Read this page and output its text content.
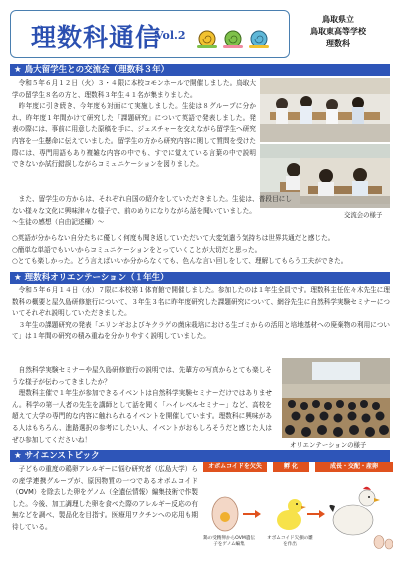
理数科通信
Vol.2
鳥取県立
鳥取東高等学校
理数科
★ 鳥大留学生との交流会（理数科３年）

　令和５年６月１２日（火）３・４限に本校コモンホールで開催しました。鳥取大学の留学生８名の方と、理数科３年生４１名が集まりました。

　昨年度に引き続き、今年度も対面にて実施しました。生徒は８グループに分かれ、昨年度１年間かけて研究した「課題研究」について英語で発表しました。発表の際には、事前に用意した原稿を手に、ジェスチャーを交えながら留学生へ研究内容を一生懸命に伝えていました。留学生の方から研究内容に関して質問を受けた際には、専門用語もあり複雑な内容の中でも、すでに覚えている言葉の中で説明できないか試行錯誤しながらコミュニケーションを図りました。

交流会の様子

　また、留学生の方からは、それぞれ自国の紹介をしていただきました。生徒は、普段目にしない様々な文化に興味津々な様子で、前のめりになりながら話を聞いていました。

～生徒の感想（自由記述欄）～

○英語が分からない自分たちに優しく何度も聞き返していただいて大変気遣う気持ちは世界共通だと感じた。

○簡単な単語でもいいからコミュニケーションをとっていくことが大切だと思った。

○とても楽しかった。どう言えばいいか分からなくても、色んな言い回しをして、理解してもらう工夫ができた。

★ 理数科オリエンテーション（１年生）

　令和５年６月１４日（水）７限に本校第１体育館で開催しました。参加したのは１年生全員です。理数科主任佐々木先生に理数科の概要と屋久島研修旅行について、３年生３名に昨年度研究した課題研究について、網谷先生に自然科学実験セミナーについてそれぞれ説明していただきました。

　３年生の課題研究の発表「エリンギおよびキクラゲの菌床栽培における生ゴミからの活用と培地基材への廃棄物の利用について」は１年間の研究の積み重ねを分かりやすく説明していました。

　自然科学実験セミナーや屋久島研修旅行の説明では、先輩方の写真からとても楽しそうな様子が伝わってきましたか？

　理数科主催で１年生が参加できるイベントは自然科学実験セミナーだけではありません。科学の第一人者の先生を講師として話を聞く「ハイレベルセミナー」など、高校を超えて大学の専門的な内容に触れられるイベントを開催しています。理数科に興味がある人はもちろん、進路選択の参考にしたい人、イベントがおもしろそうだと感じた人はぜひ参加してくださいね！

オリエンテーションの様子
★ サイエンストピック

　子どもの重度の鶏卵アレルギーに悩む研究者（広島大学）らの産学連携グループが、原因物質の一つであるオボムコイド（OVM）を除去した卵をゲノム（全遺伝情報）編集技術で作製した。今後、加工調理した卵を食べた際のアレルギー反応の有無などを調べ、製品化を目指す。医療用ワクチンへの応用も期待している。

オボムコイドを欠失	孵 化	成長・交配・産卵
鶏の受精卵からOVM遺伝子をゲノム編集
オボムコイド欠損の雛を作出
